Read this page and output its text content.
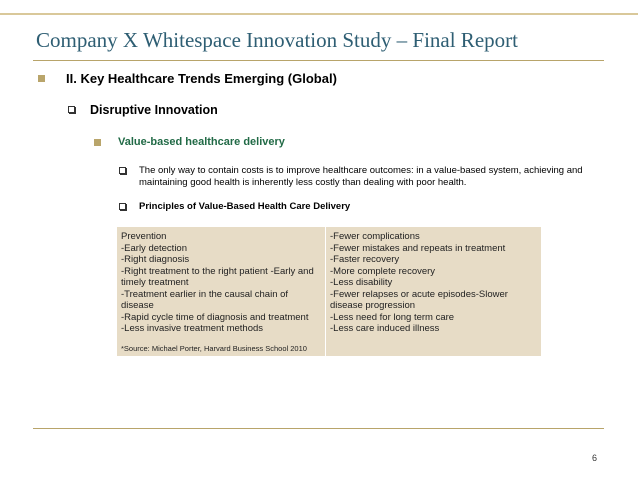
Company X Whitespace Innovation Study – Final Report
II. Key Healthcare Trends Emerging (Global)
Disruptive Innovation
Value-based healthcare delivery
The only way to contain costs is to improve healthcare outcomes: in a value-based system, achieving and
maintaining good health is inherently less costly than dealing with poor health.
Principles of Value-Based Health Care Delivery
Prevention
-Early detection
-Right diagnosis
-Right treatment to the right patient -Early and
timely treatment
-Treatment earlier in the causal chain of
disease
-Rapid cycle time of diagnosis and treatment
-Less invasive treatment methods
*Source: Michael Porter, Harvard Business School 2010
-Fewer complications
-Fewer mistakes and repeats in treatment
-Faster recovery
-More complete recovery
-Less disability
-Fewer relapses or acute episodes-Slower
disease progression
-Less need for long term care
-Less care induced illness
6
